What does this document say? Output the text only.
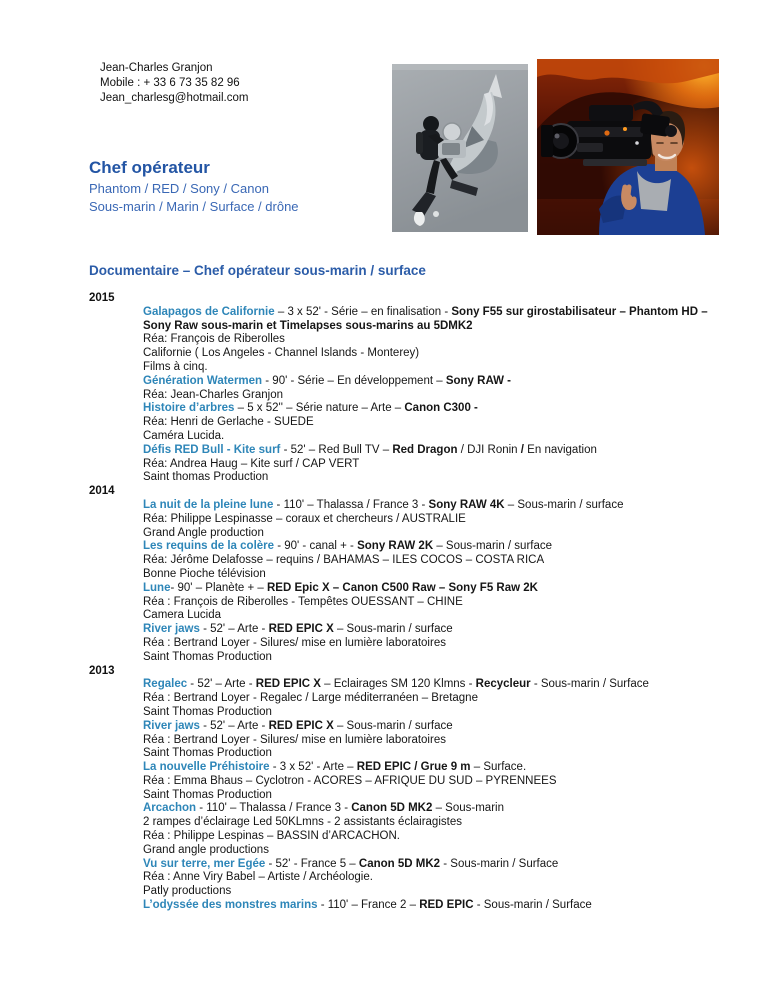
Jean-Charles Granjon
Mobile : + 33 6 73 35 82 96
Jean_charlesg@hotmail.com
Chef opérateur
Phantom / RED / Sony / Canon
Sous-marin / Marin / Surface / drône
Documentaire – Chef opérateur sous-marin / surface
2015
Galapagos de Californie – 3 x 52' - Série – en finalisation - Sony F55 sur girostabilisateur – Phantom HD – Sony Raw sous-marin et Timelapses sous-marins au 5DMK2
Réa: François de Riberolles
Californie ( Los Angeles - Channel Islands - Monterey)
Films à cinq.
Génération Watermen - 90' - Série – En développement – Sony RAW -
Réa: Jean-Charles Granjon
Histoire d’arbres – 5 x 52'' – Série nature – Arte – Canon C300 -
Réa: Henri de Gerlache - SUEDE
Caméra Lucida.
Défis RED Bull - Kite surf - 52' – Red Bull TV – Red Dragon / DJI Ronin / En navigation
Réa: Andrea Haug – Kite surf / CAP VERT
Saint thomas Production
2014
La nuit de la pleine lune - 110' – Thalassa / France 3 - Sony RAW 4K – Sous-marin / surface
Réa: Philippe Lespinasse – coraux et chercheurs / AUSTRALIE
Grand Angle production
Les requins de la colère - 90' - canal + - Sony RAW 2K – Sous-marin / surface
Réa: Jérôme Delafosse – requins / BAHAMAS – ILES COCOS – COSTA RICA
Bonne Pioche télévision
Lune- 90' – Planète + – RED Epic X – Canon C500 Raw – Sony F5 Raw 2K
Réa : François de Riberolles - Tempêtes OUESSANT – CHINE
Camera Lucida
River jaws - 52' – Arte - RED EPIC X – Sous-marin / surface
Réa : Bertrand Loyer - Silures/ mise en lumière laboratoires
Saint Thomas Production
2013
Regalec - 52' – Arte - RED EPIC X – Eclairages SM 120 Klmns - Recycleur - Sous-marin / Surface
Réa : Bertrand Loyer - Regalec / Large méditerranéen – Bretagne
Saint Thomas Production
River jaws - 52' – Arte - RED EPIC X – Sous-marin / surface
Réa : Bertrand Loyer - Silures/ mise en lumière laboratoires
Saint Thomas Production
La nouvelle Préhistoire - 3 x 52' - Arte – RED EPIC / Grue 9 m – Surface.
Réa : Emma Bhaus – Cyclotron - ACORES – AFRIQUE DU SUD – PYRENNEES
Saint Thomas Production
Arcachon - 110' – Thalassa / France 3 - Canon 5D MK2 – Sous-marin
2 rampes d’éclairage Led 50KLmns - 2 assistants éclairagistes
Réa : Philippe Lespinas – BASSIN d’ARCACHON.
Grand angle productions
Vu sur terre, mer Egée - 52' - France 5 – Canon 5D MK2 - Sous-marin / Surface
Réa : Anne Viry Babel – Artiste / Archéologie.
Patly productions
L’odyssée des monstres marins - 110' – France 2 – RED EPIC - Sous-marin / Surface
